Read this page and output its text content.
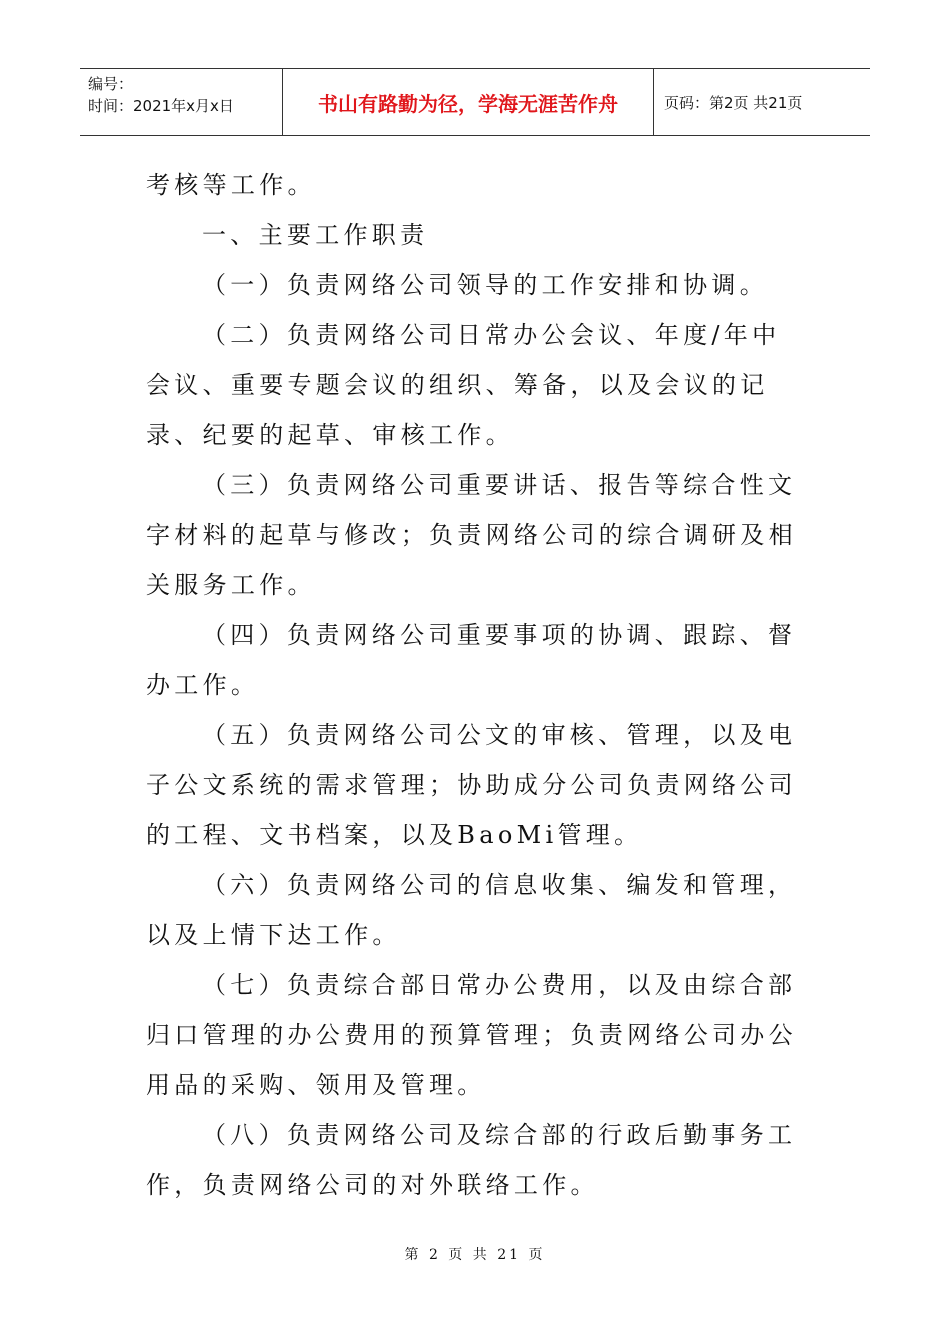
编号：
时间：2021年x月x日	书山有路勤为径，学海无涯苦作舟	页码：第2页 共21页

考核等工作。

一、主要工作职责

（一）负责网络公司领导的工作安排和协调。

（二）负责网络公司日常办公会议、年度/年中会议、重要专题会议的组织、筹备，以及会议的记录、纪要的起草、审核工作。

（三）负责网络公司重要讲话、报告等综合性文字材料的起草与修改；负责网络公司的综合调研及相关服务工作。

（四）负责网络公司重要事项的协调、跟踪、督办工作。

（五）负责网络公司公文的审核、管理，以及电子公文系统的需求管理；协助成分公司负责网络公司的工程、文书档案，以及BaoMi管理。

（六）负责网络公司的信息收集、编发和管理，以及上情下达工作。

（七）负责综合部日常办公费用，以及由综合部归口管理的办公费用的预算管理；负责网络公司办公用品的采购、领用及管理。

（八）负责网络公司及综合部的行政后勤事务工作，负责网络公司的对外联络工作。

第 2 页 共 21 页
